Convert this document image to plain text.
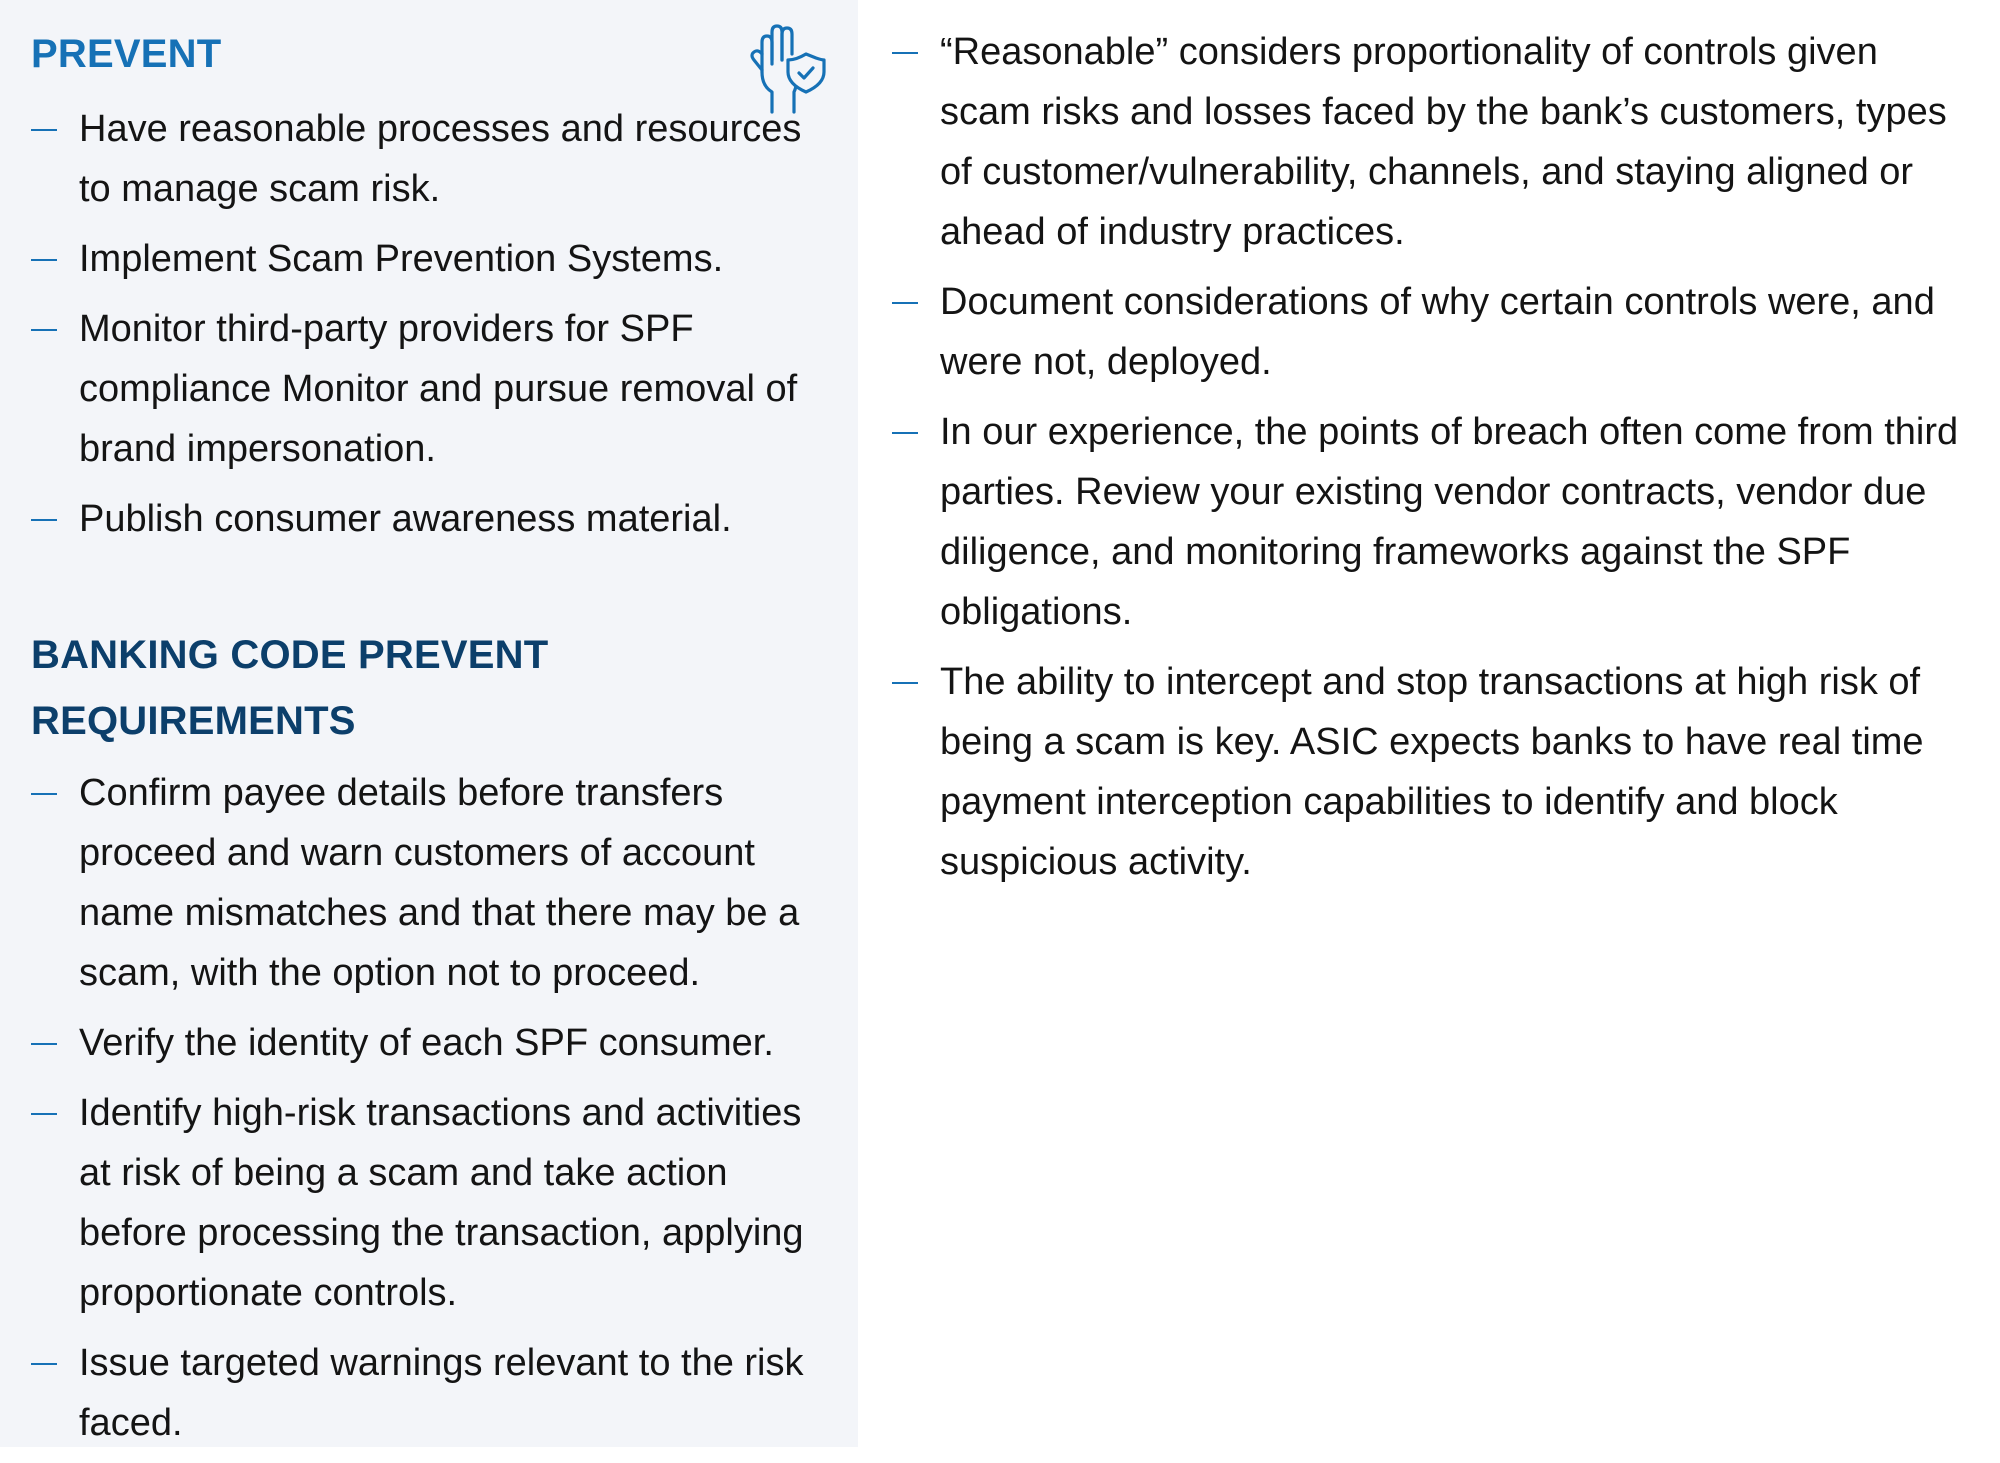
PREVENT
Have reasonable processes and resources to manage scam risk.
Implement Scam Prevention Systems.
Monitor third-party providers for SPF compliance Monitor and pursue removal of brand impersonation.
Publish consumer awareness material.
BANKING CODE PREVENT REQUIREMENTS
Confirm payee details before transfers proceed and warn customers of account name mismatches and that there may be a scam, with the option not to proceed.
Verify the identity of each SPF consumer.
Identify high-risk transactions and activities at risk of being a scam and take action before processing the transaction, applying proportionate controls.
Issue targeted warnings relevant to the risk faced.
“Reasonable” considers proportionality of controls given scam risks and losses faced by the bank’s customers, types of customer/vulnerability, channels, and staying aligned or ahead of industry practices.
Document considerations of why certain controls were, and were not, deployed.
In our experience, the points of breach often come from third parties. Review your existing vendor contracts, vendor due diligence, and monitoring frameworks against the SPF obligations.
The ability to intercept and stop transactions at high risk of being a scam is key. ASIC expects banks to have real time payment interception capabilities to identify and block suspicious activity.
